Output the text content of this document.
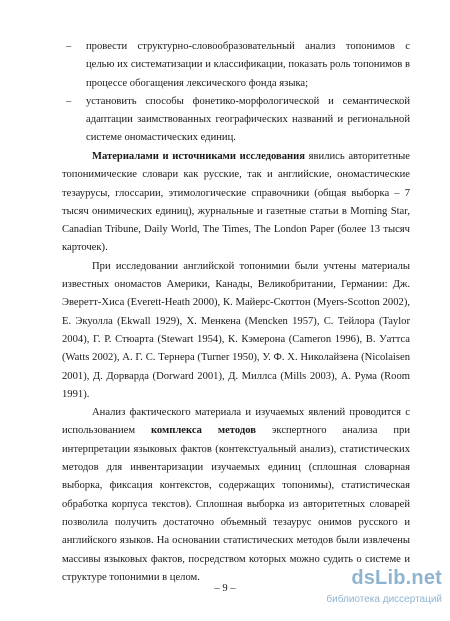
– провести структурно-словообразовательный анализ топонимов с целью их систематизации и классификации, показать роль топонимов в процессе обогащения лексического фонда языка;

– установить способы фонетико-морфологической и семантической адаптации заимствованных географических названий и региональной системе ономастических единиц.

Материалами и источниками исследования явились авторитетные топонимические словари как русские, так и английские, ономастические тезаурусы, глоссарии, этимологические справочники (общая выборка – 7 тысяч онимических единиц), журнальные и газетные статьи в Morning Star, Canadian Tribune, Daily World, The Times, The London Paper (более 13 тысяч карточек).

При исследовании английской топонимии были учтены материалы известных ономастов Америки, Канады, Великобритании, Германии: Дж. Эверетт-Хиса (Everett-Heath 2000), К. Майерс-Скоттон (Myers-Scotton 2002), Е. Экуолла (Ekwall 1929), Х. Менкена (Mencken 1957), С. Тейлора (Taylor 2004), Г. Р. Стюарта (Stewart 1954), К. Кэмерона (Cameron 1996), В. Уаттса (Watts 2002), А. Г. С. Тернера (Turner 1950), У. Ф. Х. Николайзена (Nicolaisen 2001), Д. Дорварда (Dorward 2001), Д. Миллса (Mills 2003), А. Рума (Room 1991).

Анализ фактического материала и изучаемых явлений проводится с использованием комплекса методов экспертного анализа при интерпретации языковых фактов (контекстуальный анализ), статистических методов для инвентаризации изучаемых единиц (сплошная словарная выборка, фиксация контекстов, содержащих топонимы), статистическая обработка корпуса текстов). Сплошная выборка из авторитетных словарей позволила получить достаточно объемный тезаурус онимов русского и английского языков. На основании статистических методов были извлечены массивы языковых фактов, посредством которых можно судить о системе и структуре топонимии в целом.

– 9 –	dsLib.net
библиотека диссертаций
